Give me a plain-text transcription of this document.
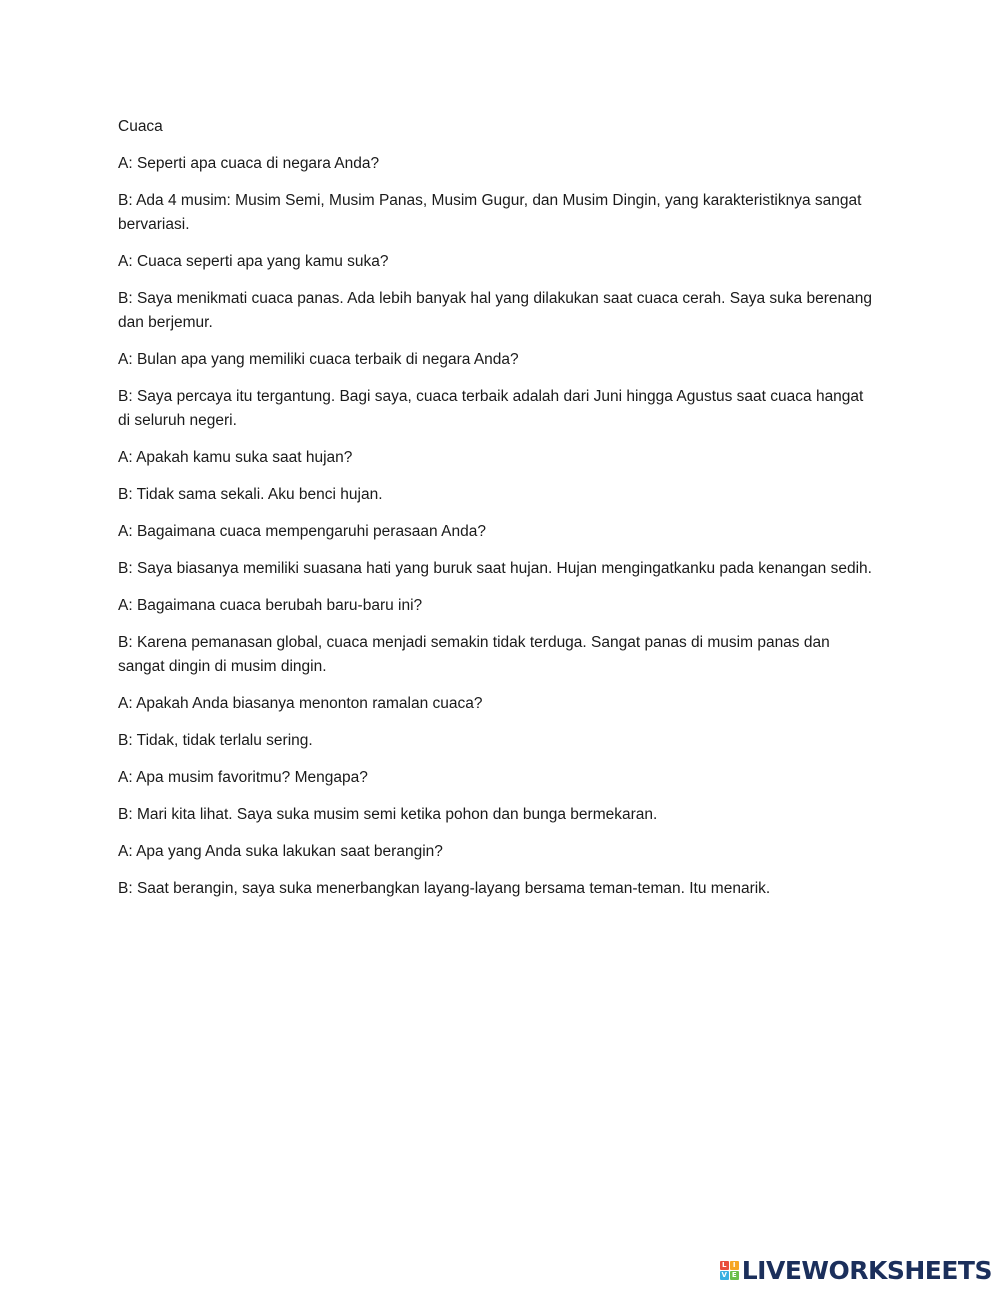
Cuaca
A: Seperti apa cuaca di negara Anda?
B: Ada 4 musim: Musim Semi, Musim Panas, Musim Gugur, dan Musim Dingin, yang karakteristiknya sangat bervariasi.
A: Cuaca seperti apa yang kamu suka?
B: Saya menikmati cuaca panas. Ada lebih banyak hal yang dilakukan saat cuaca cerah. Saya suka berenang dan berjemur.
A: Bulan apa yang memiliki cuaca terbaik di negara Anda?
B: Saya percaya itu tergantung. Bagi saya, cuaca terbaik adalah dari Juni hingga Agustus saat cuaca hangat di seluruh negeri.
A: Apakah kamu suka saat hujan?
B: Tidak sama sekali. Aku benci hujan.
A: Bagaimana cuaca mempengaruhi perasaan Anda?
B: Saya biasanya memiliki suasana hati yang buruk saat hujan. Hujan mengingatkanku pada kenangan sedih.
A: Bagaimana cuaca berubah baru-baru ini?
B: Karena pemanasan global, cuaca menjadi semakin tidak terduga. Sangat panas di musim panas dan sangat dingin di musim dingin.
A: Apakah Anda biasanya menonton ramalan cuaca?
B: Tidak, tidak terlalu sering.
A: Apa musim favoritmu? Mengapa?
B: Mari kita lihat. Saya suka musim semi ketika pohon dan bunga bermekaran.
A: Apa yang Anda suka lakukan saat berangin?
B: Saat berangin, saya suka menerbangkan layang-layang bersama teman-teman. Itu menarik.
L I
V E LIVEWORKSHEETS
